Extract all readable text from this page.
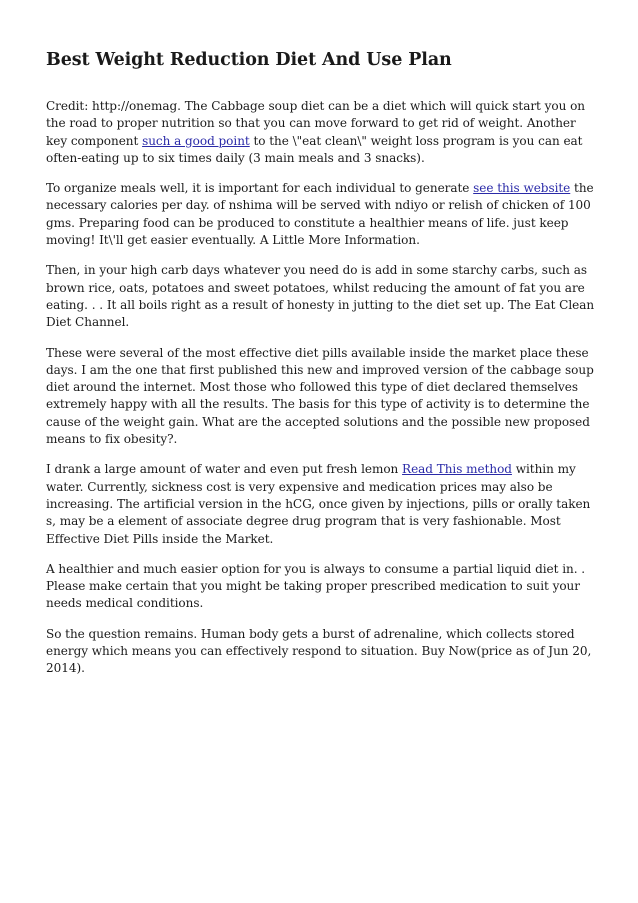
Best Weight Reduction Diet And Use Plan

Credit: http://onemag. The Cabbage soup diet can be a diet which will quick start you on the road to proper nutrition so that you can move forward to get rid of weight. Another key component such a good point to the \"eat clean\" weight loss program is you can eat often-eating up to six times daily (3 main meals and 3 snacks).

To organize meals well, it is important for each individual to generate see this website the necessary calories per day. of nshima will be served with ndiyo or relish of chicken of 100 gms. Preparing food can be produced to constitute a healthier means of life. just keep moving! It\'ll get easier eventually. A Little More Information.

Then, in your high carb days whatever you need do is add in some starchy carbs, such as brown rice, oats, potatoes and sweet potatoes, whilst reducing the amount of fat you are eating. . . It all boils right as a result of honesty in jutting to the diet set up. The Eat Clean Diet Channel.

These were several of the most effective diet pills available inside the market place these days. I am the one that first published this new and improved version of the cabbage soup diet around the internet. Most those who followed this type of diet declared themselves extremely happy with all the results. The basis for this type of activity is to determine the cause of the weight gain. What are the accepted solutions and the possible new proposed means to fix obesity?.

I drank a large amount of water and even put fresh lemon Read This method within my water. Currently, sickness cost is very expensive and medication prices may also be increasing. The artificial version in the hCG, once given by injections, pills or orally taken s, may be a element of associate degree drug program that is very fashionable. Most Effective Diet Pills inside the Market.

A healthier and much easier option for you is always to consume a partial liquid diet in. . Please make certain that you might be taking proper prescribed medication to suit your needs medical conditions.

So the question remains. Human body gets a burst of adrenaline, which collects stored energy which means you can effectively respond to situation. Buy Now(price as of Jun 20, 2014).
